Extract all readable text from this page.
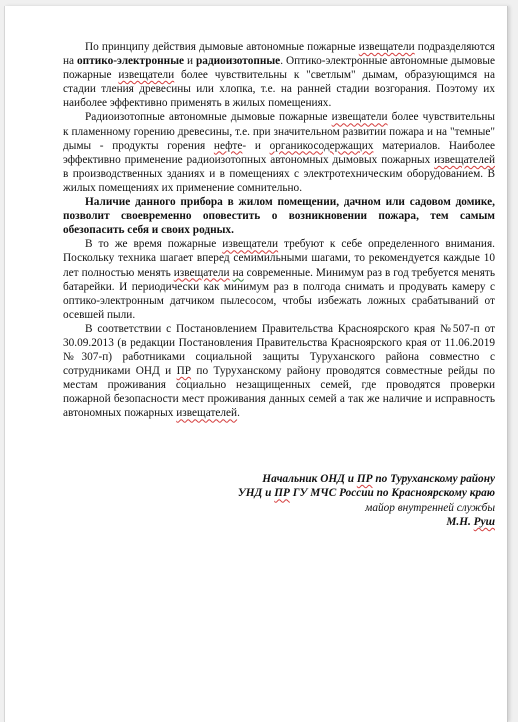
По принципу действия дымовые автономные пожарные извещатели подразделяются на оптико-электронные и радиоизотопные. Оптико-электронные автономные дымовые пожарные извещатели более чувствительны к "светлым" дымам, образующимся на стадии тления древесины или хлопка, т.е. на ранней стадии возгорания. Поэтому их наиболее эффективно применять в жилых помещениях.

Радиоизотопные автономные дымовые пожарные извещатели более чувствительны к пламенному горению древесины, т.е. при значительном развитии пожара и на "темные" дымы - продукты горения нефте- и органикосодержащих материалов. Наиболее эффективно применение радиоизотопных автономных дымовых пожарных извещателей в производственных зданиях и в помещениях с электротехническим оборудованием. В жилых помещениях их применение сомнительно.

Наличие данного прибора в жилом помещении, дачном или садовом домике, позволит своевременно оповестить о возникновении пожара, тем самым обезопасить себя и своих родных.

В то же время пожарные извещатели требуют к себе определенного внимания. Поскольку техника шагает вперед семимильными шагами, то рекомендуется каждые 10 лет полностью менять извещатели на современные. Минимум раз в год требуется менять батарейки. И периодически как минимум раз в полгода снимать и продувать камеру с оптико-электронным датчиком пылесосом, чтобы избежать ложных срабатываний от осевшей пыли.

В соответствии с Постановлением Правительства Красноярского края №507-п от 30.09.2013 (в редакции Постановления Правительства Красноярского края от 11.06.2019 №307-п) работниками социальной защиты Туруханского района совместно с сотрудниками ОНД и ПР по Туруханскому району проводятся совместные рейды по местам проживания социально незащищенных семей, где проводятся проверки пожарной безопасности мест проживания данных семей а так же наличие и исправность автономных пожарных извещателей.

Начальник ОНД и ПР по Туруханскому району
УНД и ПР ГУ МЧС России по Красноярскому краю
майор внутренней службы
М.Н. Руш
